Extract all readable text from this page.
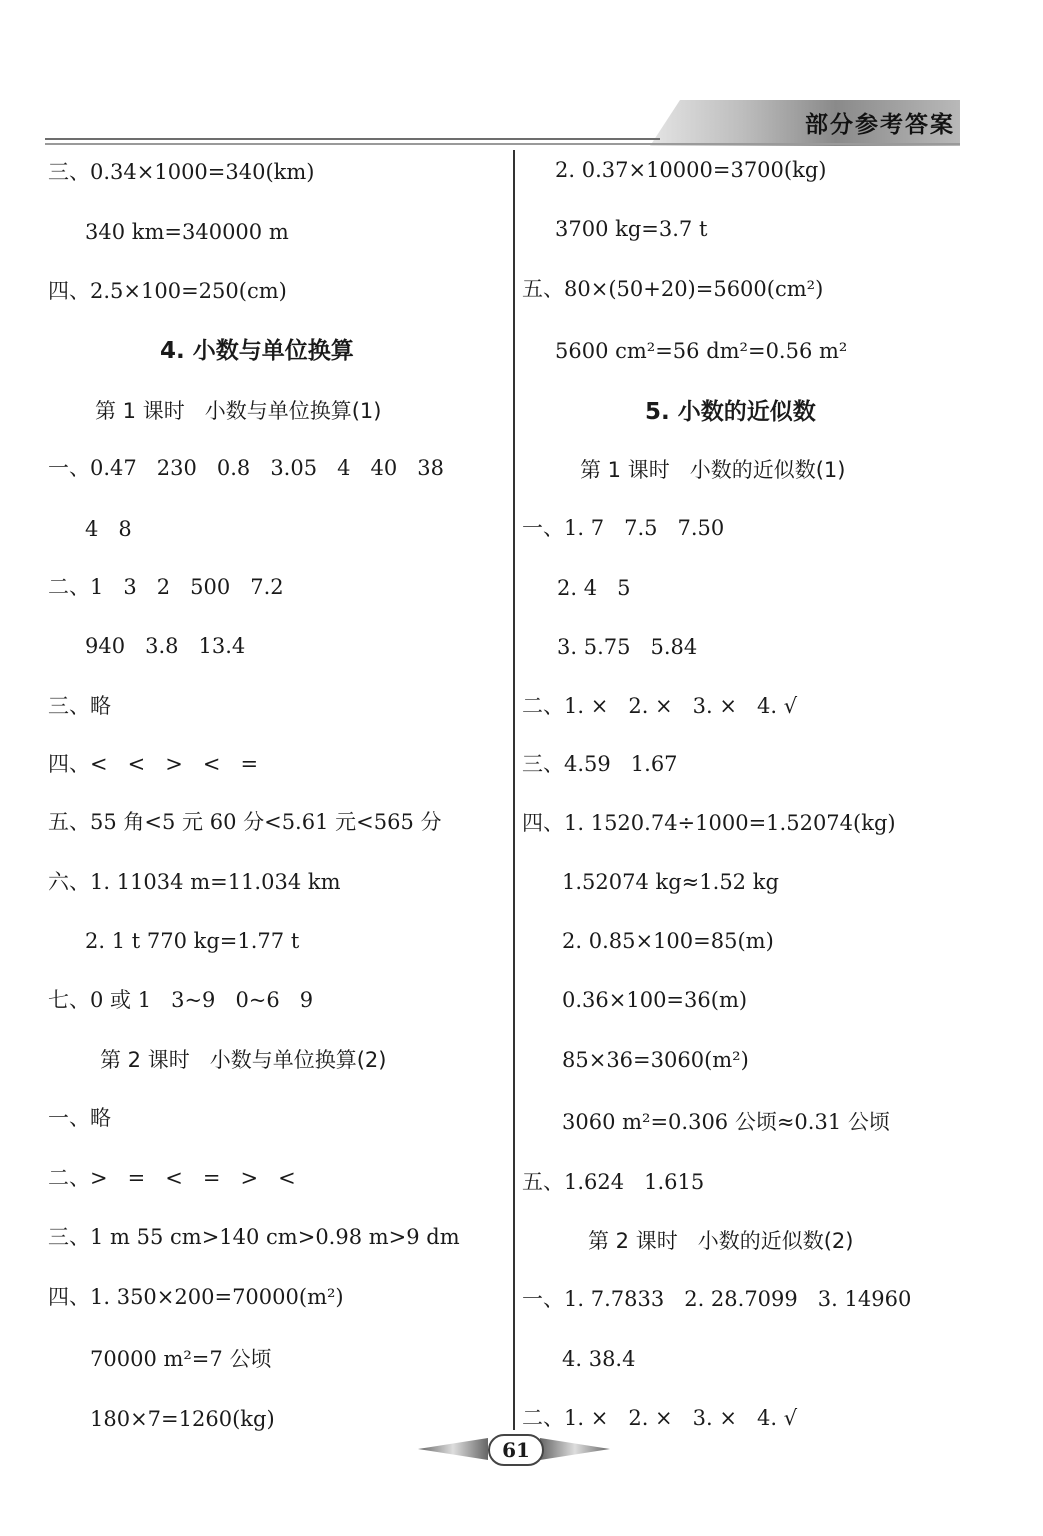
部分参考答案
三、0.34×1000=340(km)
340 km=340000 m
四、2.5×100=250(cm)
4. 小数与单位换算
第 1 课时   小数与单位换算(1)
一、0.47   230   0.8   3.05   4   40   38
4   8
二、1   3   2   500   7.2
940   3.8   13.4
三、略
四、<   <   >   <   =
五、55 角<5 元 60 分<5.61 元<565 分
六、1. 11034 m=11.034 km
2. 1 t 770 kg=1.77 t
七、0 或 1   3~9   0~6   9
第 2 课时   小数与单位换算(2)
一、略
二、>   =   <   =   >   <
三、1 m 55 cm>140 cm>0.98 m>9 dm
四、1. 350×200=70000(m²)
70000 m²=7 公顷
180×7=1260(kg)
2. 0.37×10000=3700(kg)
3700 kg=3.7 t
五、80×(50+20)=5600(cm²)
5600 cm²=56 dm²=0.56 m²
5. 小数的近似数
第 1 课时   小数的近似数(1)
一、1. 7   7.5   7.50
2. 4   5
3. 5.75   5.84
二、1. ×   2. ×   3. ×   4. √
三、4.59   1.67
四、1. 1520.74÷1000=1.52074(kg)
1.52074 kg≈1.52 kg
2. 0.85×100=85(m)
0.36×100=36(m)
85×36=3060(m²)
3060 m²=0.306 公顷≈0.31 公顷
五、1.624   1.615
第 2 课时   小数的近似数(2)
一、1. 7.7833   2. 28.7099   3. 14960
4. 38.4
二、1. ×   2. ×   3. ×   4. √
61
